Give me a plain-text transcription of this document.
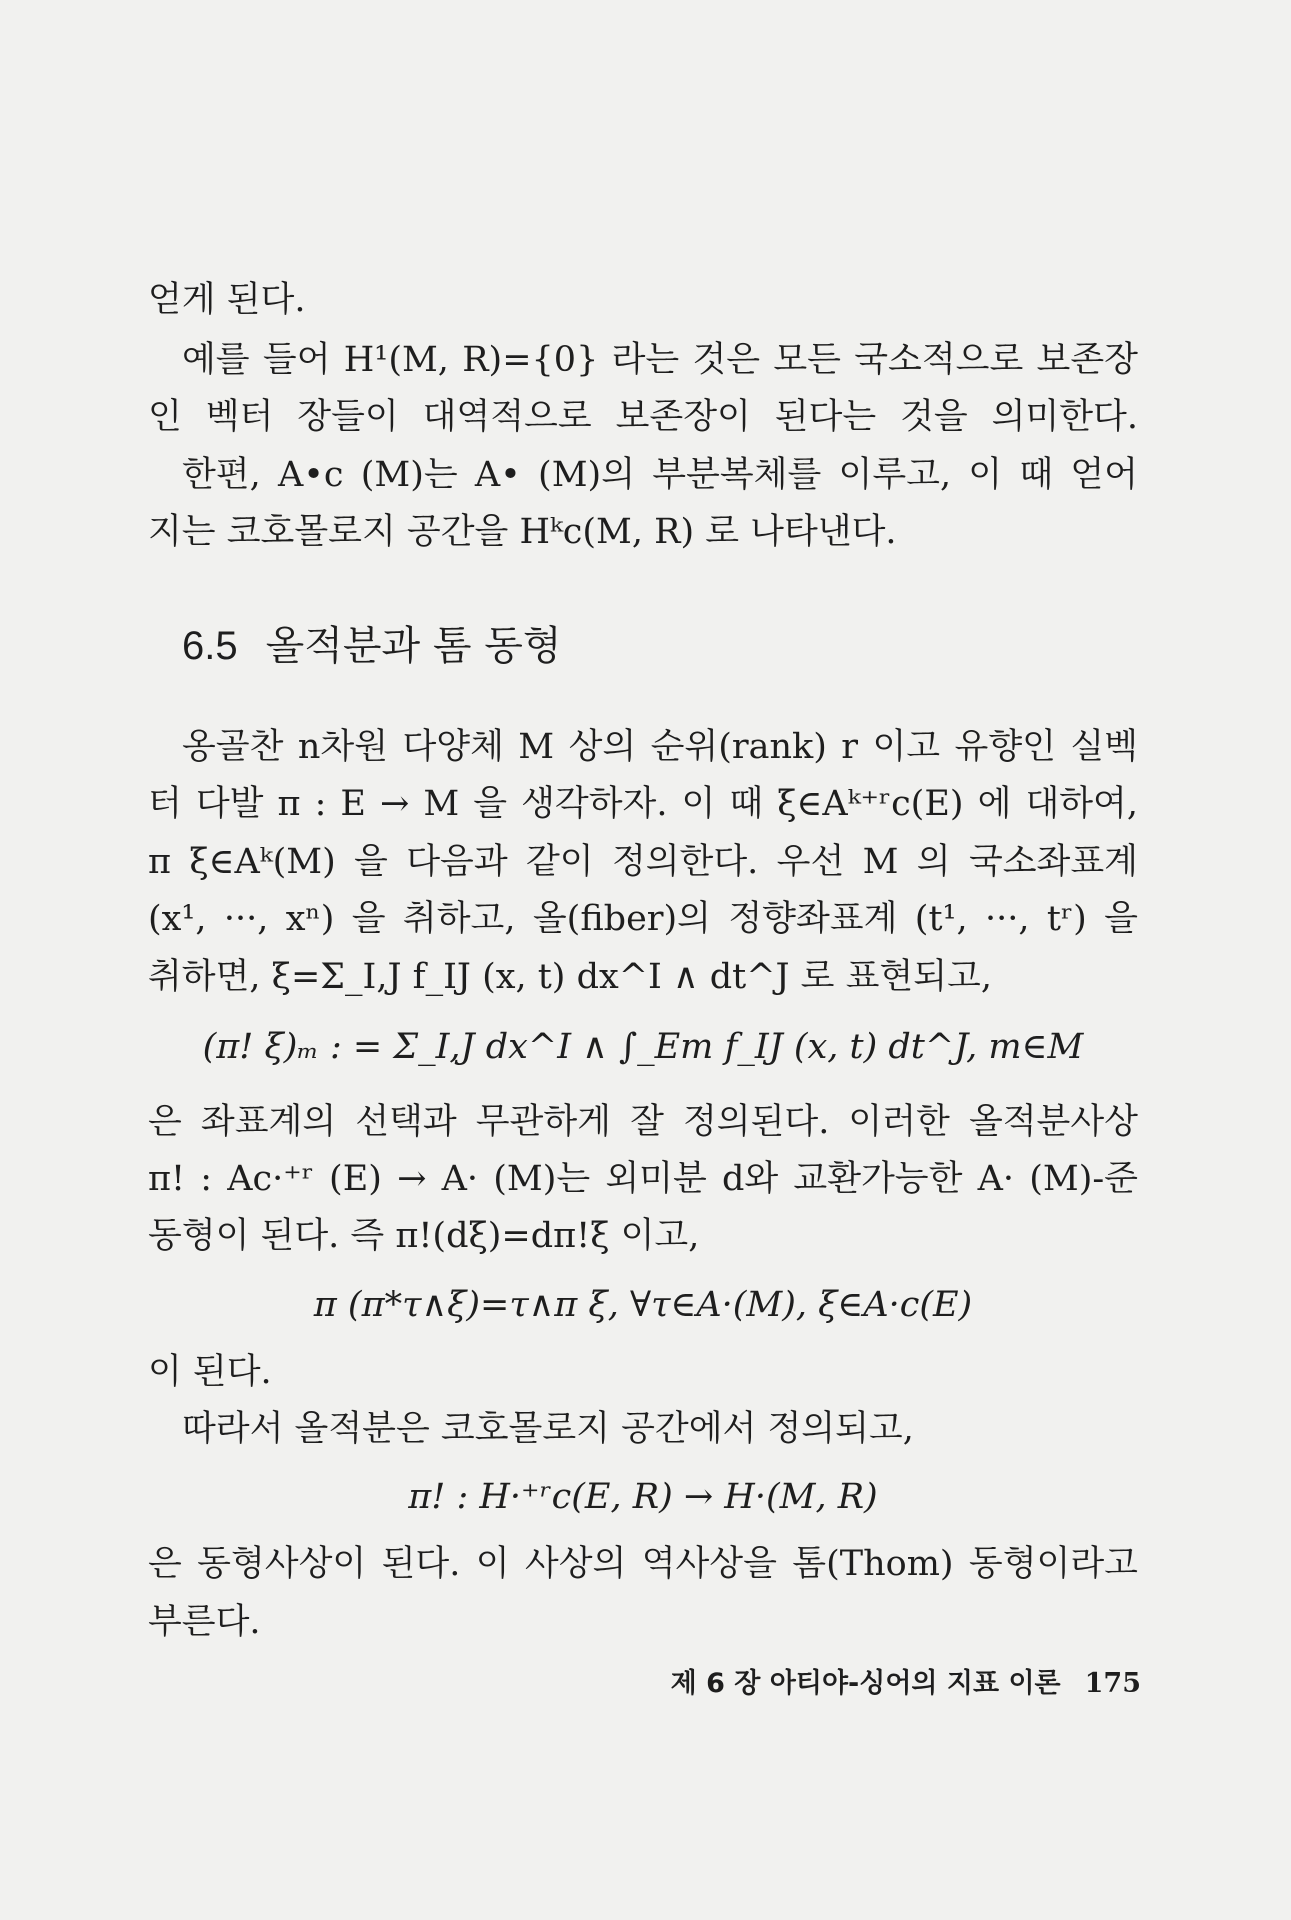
얻게 된다.
예를 들어 H¹(M, R)={0} 라는 것은 모든 국소적으로 보존장
인 벡터 장들이 대역적으로 보존장이 된다는 것을 의미한다.
한편, A•c (M)는 A• (M)의 부분복체를 이루고, 이 때 얻어
지는 코호몰로지 공간을 Hᵏc(M, R) 로 나타낸다.
6.5 올적분과 톰 동형
옹골찬 n차원 다양체 M 상의 순위(rank) r 이고 유향인 실벡
터 다발 π : E → M 을 생각하자. 이 때 ξ∈Aᵏ⁺ʳc(E) 에 대하여,
π ξ∈Aᵏ(M) 을 다음과 같이 정의한다. 우선 M 의 국소좌표계
(x¹, ···, xⁿ) 을 취하고, 올(fiber)의 정향좌표계 (t¹, ···, tʳ) 을
취하면, ξ=Σ_I,J f_IJ (x, t) dx^I ∧ dt^J 로 표현되고,
(π! ξ)ₘ : = Σ_I,J dx^I ∧ ∫_Em f_IJ (x, t) dt^J, m∈M
은 좌표계의 선택과 무관하게 잘 정의된다. 이러한 올적분사상
π! : Ac·⁺ʳ (E) → A· (M)는 외미분 d와 교환가능한 A· (M)-준
동형이 된다. 즉 π!(dξ)=dπ!ξ 이고,
π (π*τ∧ξ)=τ∧π ξ, ∀τ∈A·(M), ξ∈A·c(E)
이 된다.
따라서 올적분은 코호몰로지 공간에서 정의되고,
π! : H·⁺ʳc(E, R) → H·(M, R)
은 동형사상이 된다. 이 사상의 역사상을 톰(Thom) 동형이라고
부른다.
제 6 장 아티야-싱어의 지표 이론 175
